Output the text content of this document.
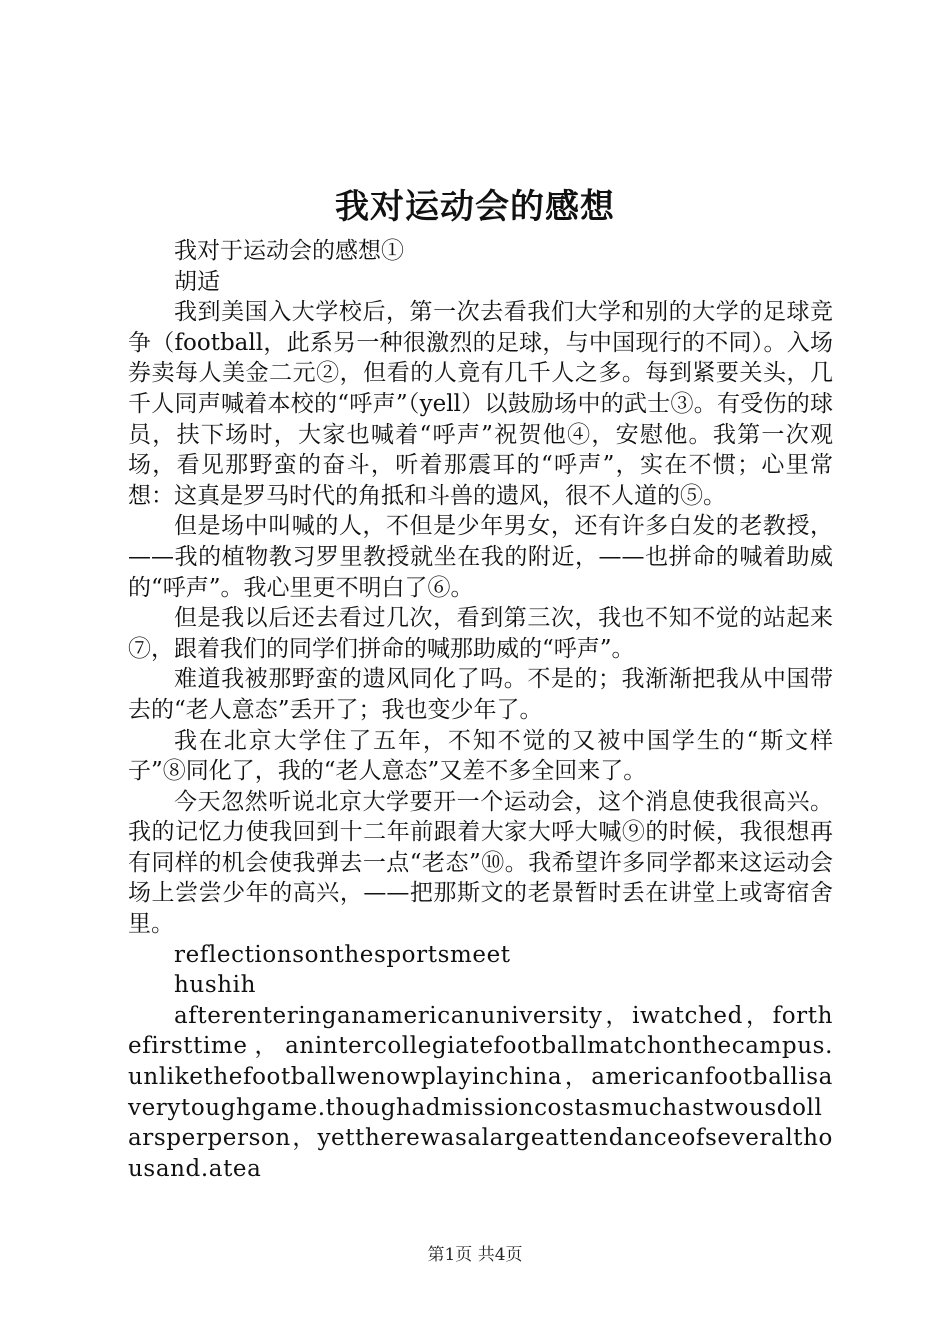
我对运动会的感想

我对于运动会的感想①

胡适

我到美国入大学校后，第一次去看我们大学和别的大学的足球竞争（football，此系另一种很激烈的足球，与中国现行的不同）。入场券卖每人美金二元②，但看的人竟有几千人之多。每到紧要关头，几千人同声喊着本校的“呼声”（yell）以鼓励场中的武士③。有受伤的球员，扶下场时，大家也喊着“呼声”祝贺他④，安慰他。我第一次观场，看见那野蛮的奋斗，听着那震耳的“呼声”，实在不惯；心里常想：这真是罗马时代的角抵和斗兽的遗风，很不人道的⑤。

但是场中叫喊的人，不但是少年男女，还有许多白发的老教授，——我的植物教习罗里教授就坐在我的附近，——也拼命的喊着助威的“呼声”。我心里更不明白了⑥。

但是我以后还去看过几次，看到第三次，我也不知不觉的站起来⑦，跟着我们的同学们拼命的喊那助威的“呼声”。

难道我被那野蛮的遗风同化了吗。不是的；我渐渐把我从中国带去的“老人意态”丢开了；我也变少年了。

我在北京大学住了五年，不知不觉的又被中国学生的“斯文样子”⑧同化了，我的“老人意态”又差不多全回来了。

今天忽然听说北京大学要开一个运动会，这个消息使我很高兴。我的记忆力使我回到十二年前跟着大家大呼大喊⑨的时候，我很想再有同样的机会使我弹去一点“老态”⑩。我希望许多同学都来这运动会场上尝尝少年的高兴，——把那斯文的老景暂时丢在讲堂上或寄宿舍里。

reflectionsonthesportsmeet

hushih

afterenteringanamericanuniversity，iwatched，forthefirsttime，anintercollegiatefootballmatchonthecampus.unlikethefootballwenowplayinchina，americanfootballisaverytoughgame.thoughadmissioncostasmuchastwousdollarsperperson，yettherewasalargeattendanceofseveralthousand.atea

第1页 共4页
